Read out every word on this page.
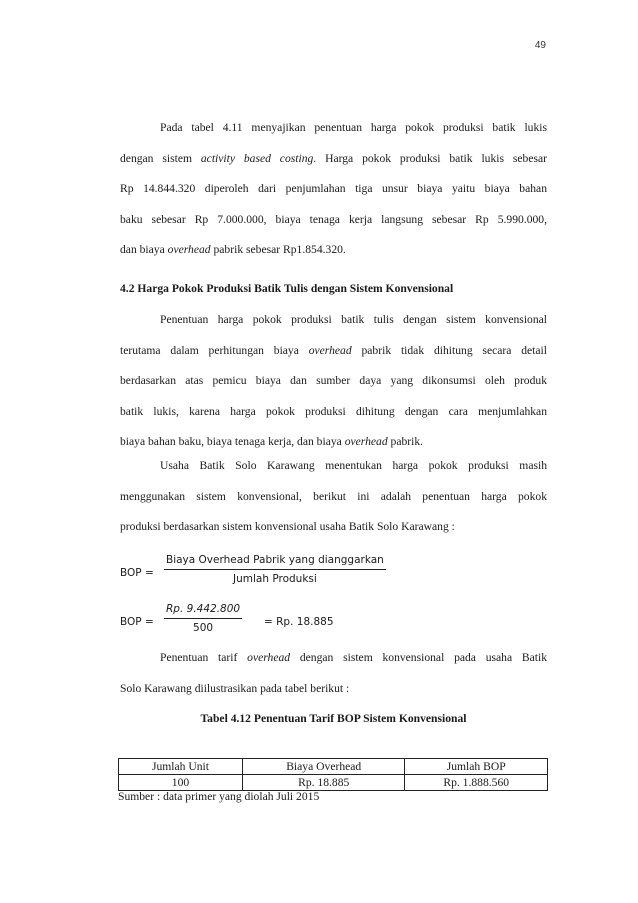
49
Pada tabel 4.11 menyajikan penentuan harga pokok produksi batik lukis
dengan sistem activity based costing. Harga pokok produksi batik lukis sebesar
Rp 14.844.320 diperoleh dari penjumlahan tiga unsur biaya yaitu biaya bahan
baku sebesar Rp 7.000.000, biaya tenaga kerja langsung sebesar Rp 5.990.000,
dan biaya overhead pabrik sebesar Rp1.854.320.
4.2 Harga Pokok Produksi Batik Tulis dengan Sistem Konvensional
Penentuan harga pokok produksi batik tulis dengan sistem konvensional
terutama dalam perhitungan biaya overhead pabrik tidak dihitung secara detail
berdasarkan atas pemicu biaya dan sumber daya yang dikonsumsi oleh produk
batik lukis, karena harga pokok produksi dihitung dengan cara menjumlahkan
biaya bahan baku, biaya tenaga kerja, dan biaya overhead pabrik.
Usaha Batik Solo Karawang menentukan harga pokok produksi masih
menggunakan sistem konvensional, berikut ini adalah penentuan harga pokok
produksi berdasarkan sistem konvensional usaha Batik Solo Karawang :
BOP =
Biaya Overhead Pabrik yang dianggarkan
Jumlah Produksi
BOP = $\frac{Rp. 9.442.800}{500} = Rp$. 18.885
Penentuan tarif overhead dengan sistem konvensional pada usaha Batik
Solo Karawang diilustrasikan pada tabel berikut :
Tabel 4.12 Penentuan Tarif BOP Sistem Konvensional
Jumlah Unit	Biaya Overhead	Jumlah BOP
100	Rp. 18.885	Rp. 1.888.560

Sumber : data primer yang diolah Juli 2015
